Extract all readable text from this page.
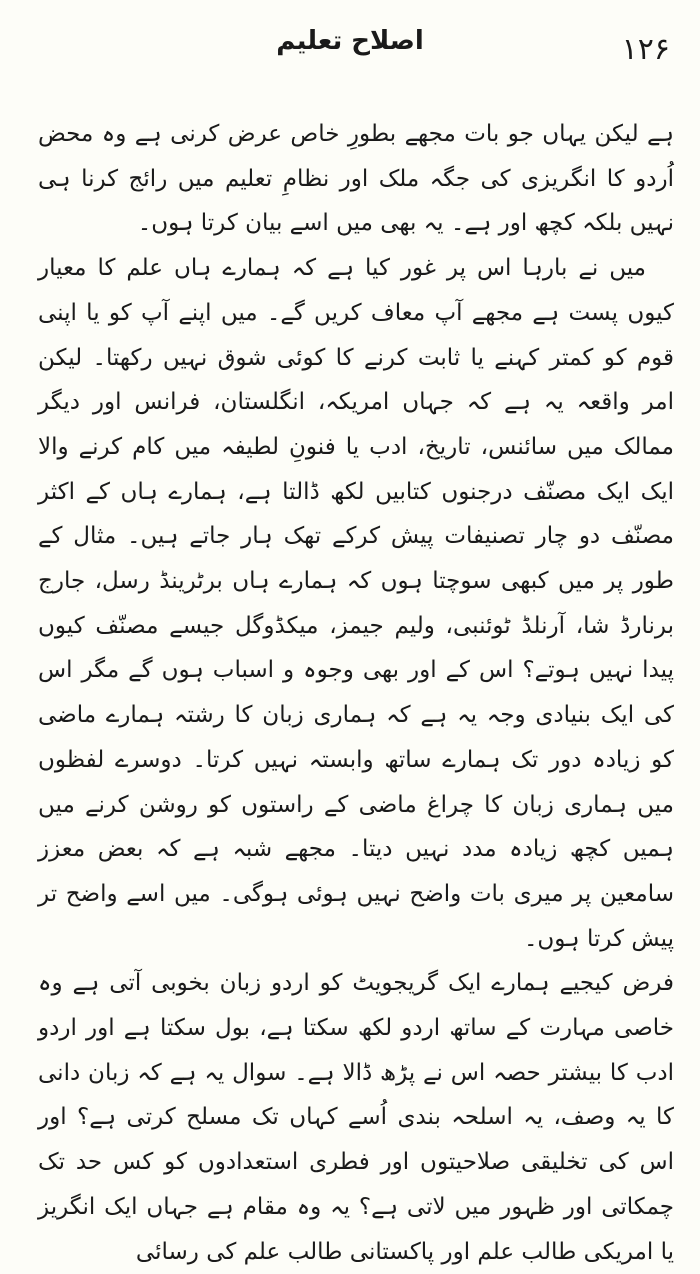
۱۲۶
اصلاح تعلیم

ہے لیکن یہاں جو بات مجھے بطورِ خاص عرض کرنی ہے وہ محض اُردو کا انگریزی کی جگہ ملک اور نظامِ تعلیم میں رائج کرنا ہی نہیں بلکہ کچھ اور ہے۔ یہ بھی میں اسے بیان کرتا ہوں۔

میں نے بارہا اس پر غور کیا ہے کہ ہمارے ہاں علم کا معیار کیوں پست ہے مجھے آپ معاف کریں گے۔ میں اپنے آپ کو یا اپنی قوم کو کمتر کہنے یا ثابت کرنے کا کوئی شوق نہیں رکھتا۔ لیکن امر واقعہ یہ ہے کہ جہاں امریکہ، انگلستان، فرانس اور دیگر ممالک میں سائنس، تاریخ، ادب یا فنونِ لطیفہ میں کام کرنے والا ایک ایک مصنّف درجنوں کتابیں لکھ ڈالتا ہے، ہمارے ہاں کے اکثر مصنّف دو چار تصنیفات پیش کرکے تھک ہار جاتے ہیں۔ مثال کے طور پر میں کبھی سوچتا ہوں کہ ہمارے ہاں برٹرینڈ رسل، جارج برنارڈ شا، آرنلڈ ٹوئنبی، ولیم جیمز، میکڈوگل جیسے مصنّف کیوں پیدا نہیں ہوتے؟ اس کے اور بھی وجوہ و اسباب ہوں گے مگر اس کی ایک بنیادی وجہ یہ ہے کہ ہماری زبان کا رشتہ ہمارے ماضی کو زیادہ دور تک ہمارے ساتھ وابستہ نہیں کرتا۔ دوسرے لفظوں میں ہماری زبان کا چراغ ماضی کے راستوں کو روشن کرنے میں ہمیں کچھ زیادہ مدد نہیں دیتا۔ مجھے شبہ ہے کہ بعض معزز سامعین پر میری بات واضح نہیں ہوئی ہوگی۔ میں اسے واضح تر پیش کرتا ہوں۔

فرض کیجیے ہمارے ایک گریجویٹ کو اردو زبان بخوبی آتی ہے وہ خاصی مہارت کے ساتھ اردو لکھ سکتا ہے، بول سکتا ہے اور اردو ادب کا بیشتر حصہ اس نے پڑھ ڈالا ہے۔ سوال یہ ہے کہ زبان دانی کا یہ وصف، یہ اسلحہ بندی اُسے کہاں تک مسلح کرتی ہے؟ اور اس کی تخلیقی صلاحیتوں اور فطری استعدادوں کو کس حد تک چمکاتی اور ظہور میں لاتی ہے؟ یہ وہ مقام ہے جہاں ایک انگریز یا امریکی طالب علم اور پاکستانی طالب علم کی رسائی
